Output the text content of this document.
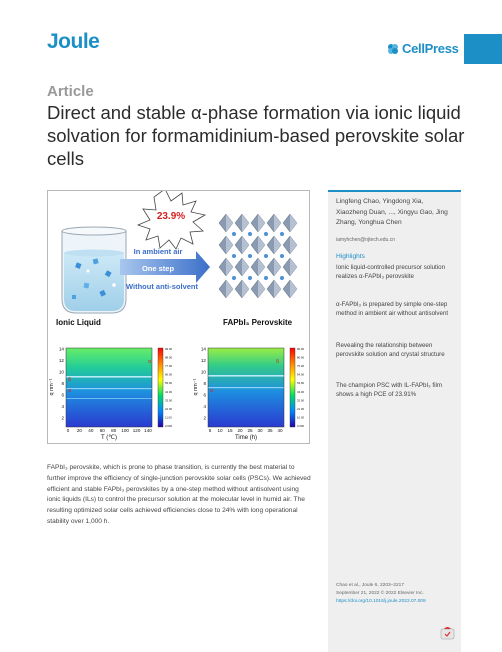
Joule	CellPress
Article
Direct and stable α-phase formation via ionic liquid solvation for formamidinium-based perovskite solar cells
23.9%
In ambient air
One step
Without anti-solvent
Ionic Liquid	FAPbI₃ Perovskite
14
12
10
8
6
4
2
0 20 40 60 80 100 120 140
q nm⁻¹
T (℃)
α
δ
α
99.00
88.00
77.00
66.00
55.00
44.00
33.00
22.00
11.00
0.000
14
12
10
8
6
4
2
5 10 15 20 25 30 35 40
q nm⁻¹
Time (h)
δ
α
96.00
86.00
75.00
64.00
53.00
43.00
32.00
21.00
10.00
0.000
Lingfeng Chao, Yingdong Xia, Xiaozheng Duan, ..., Xingyu Gao, Jing Zhang, Yonghua Chen
iamyhchen@njtech.edu.cn
Highlights
Ionic liquid-controlled precursor solution realizes α-FAPbI₃ perovskite
α-FAPbI₃ is prepared by simple one-step method in ambient air without antisolvent
Revealing the relationship between perovskite solution and crystal structure
The champion PSC with IL-FAPbI₃ film shows a high PCE of 23.91%
Chao et al., Joule 6, 2203–2217
September 21, 2022 © 2022 Elsevier Inc.
https://doi.org/10.1016/j.joule.2022.07.009
FAPbI₃ perovskite, which is prone to phase transition, is currently the best material to further improve the efficiency of single-junction perovskite solar cells (PSCs). We achieved efficient and stable FAPbI₃ perovskites by a one-step method without antisolvent using ionic liquids (ILs) to control the precursor solution at the molecular level in humid air. The resulting optimized solar cells achieved efficiencies close to 24% with long operational stability over 1,000 h.
